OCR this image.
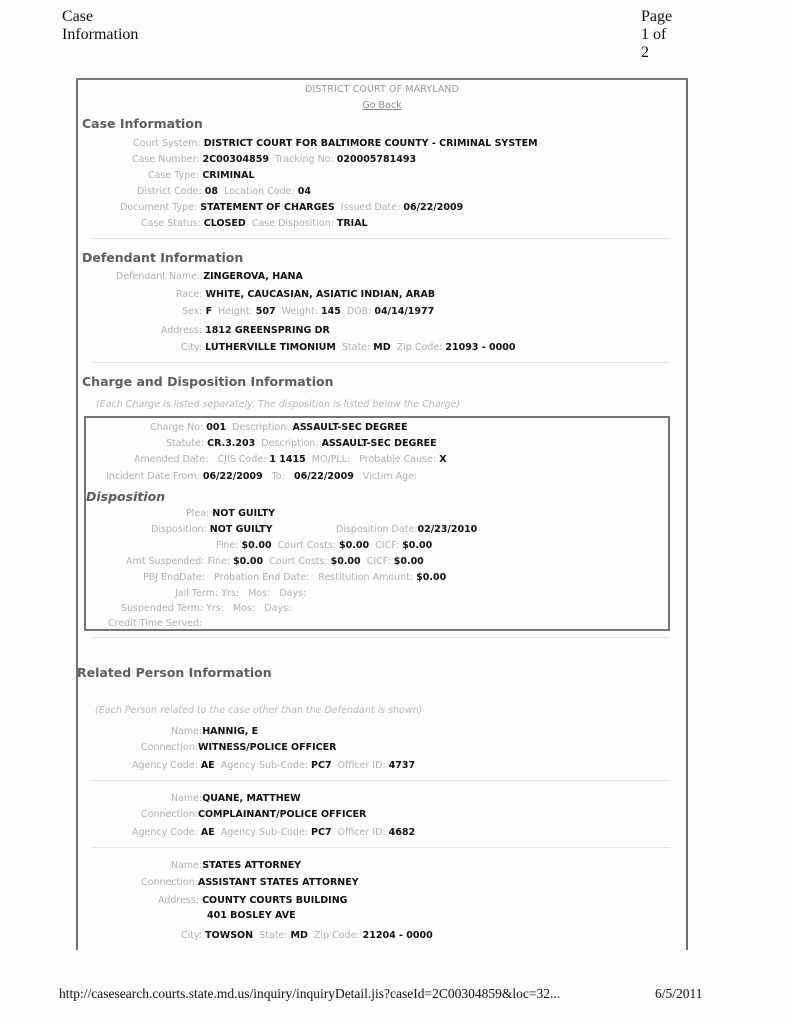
Case Information
Page 1 of 2
DISTRICT COURT OF MARYLAND
Go Back
Case Information
Court System: DISTRICT COURT FOR BALTIMORE COUNTY - CRIMINAL SYSTEM
Case Number: 2C00304859 Tracking No: 020005781493
Case Type: CRIMINAL
District Code: 08 Location Code: 04
Document Type: STATEMENT OF CHARGES Issued Date: 06/22/2009
Case Status: CLOSED Case Disposition: TRIAL
Defendant Information
Defendant Name: ZINGEROVA, HANA
Race: WHITE, CAUCASIAN, ASIATIC INDIAN, ARAB
Sex: F Height: 507 Weight: 145 DOB: 04/14/1977
Address: 1812 GREENSPRING DR
City: LUTHERVILLE TIMONIUM State: MD Zip Code: 21093 - 0000
Charge and Disposition Information
(Each Charge is listed separately. The disposition is listed below the Charge)
Charge No: 001 Description: ASSAULT-SEC DEGREE
Statute: CR.3.203 Description: ASSAULT-SEC DEGREE
Amended Date: CJIS Code: 1 1415 MO/PLL: Probable Cause: X
Incident Date From: 06/22/2009 To: 06/22/2009 Victim Age:
Disposition
Plea: NOT GUILTY
Disposition: NOT GUILTY	Disposition Date:02/23/2010
Fine: $0.00 Court Costs: $0.00 CICF: $0.00
Amt Suspended: Fine: $0.00 Court Costs: $0.00 CICF: $0.00
PBJ EndDate: Probation End Date: Restitution Amount: $0.00
Jail Term: Yrs: Mos: Days:
Suspended Term: Yrs: Mos: Days:
Credit Time Served:
Related Person Information
(Each Person related to the case other than the Defendant is shown)
Name:HANNIG, E
Connection:WITNESS/POLICE OFFICER
Agency Code: AE Agency Sub-Code: PC7 Officer ID: 4737
Name:QUANE, MATTHEW
Connection:COMPLAINANT/POLICE OFFICER
Agency Code: AE Agency Sub-Code: PC7 Officer ID: 4682
Name:STATES ATTORNEY
Connection:ASSISTANT STATES ATTORNEY
Address: COUNTY COURTS BUILDING
401 BOSLEY AVE
City: TOWSON State: MD Zip Code: 21204 - 0000
http://casesearch.courts.state.md.us/inquiry/inquiryDetail.jis?caseId=2C00304859&loc=32...	6/5/2011
